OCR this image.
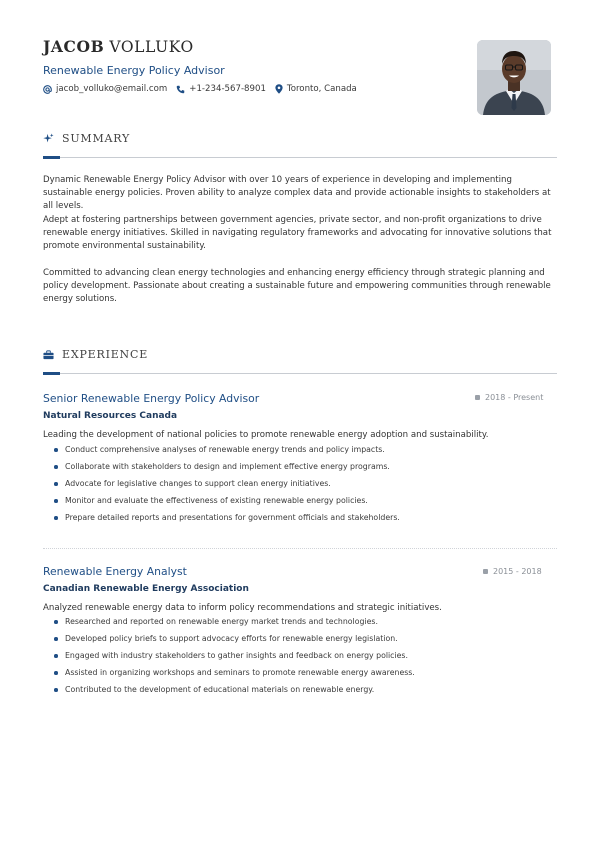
JACOB VOLLUKO
Renewable Energy Policy Advisor
jacob_volluko@email.com	+1-234-567-8901 Toronto, Canada
SUMMARY
Dynamic Renewable Energy Policy Advisor with over 10 years of experience in developing and implementing sustainable energy policies. Proven ability to analyze complex data and provide actionable insights to stakeholders at all levels.
Adept at fostering partnerships between government agencies, private sector, and non-profit organizations to drive renewable energy initiatives. Skilled in navigating regulatory frameworks and advocating for innovative solutions that promote environmental sustainability.
Committed to advancing clean energy technologies and enhancing energy efficiency through strategic planning and policy development. Passionate about creating a sustainable future and empowering communities through renewable energy solutions.
EXPERIENCE
Senior Renewable Energy Policy Advisor	2018 - Present
Natural Resources Canada
Leading the development of national policies to promote renewable energy adoption and sustainability.
Conduct comprehensive analyses of renewable energy trends and policy impacts.
Collaborate with stakeholders to design and implement effective energy programs.
Advocate for legislative changes to support clean energy initiatives.
Monitor and evaluate the effectiveness of existing renewable energy policies.
Prepare detailed reports and presentations for government officials and stakeholders.
Renewable Energy Analyst	2015 - 2018
Canadian Renewable Energy Association
Analyzed renewable energy data to inform policy recommendations and strategic initiatives.
Researched and reported on renewable energy market trends and technologies.
Developed policy briefs to support advocacy efforts for renewable energy legislation.
Engaged with industry stakeholders to gather insights and feedback on energy policies.
Assisted in organizing workshops and seminars to promote renewable energy awareness.
Contributed to the development of educational materials on renewable energy.
